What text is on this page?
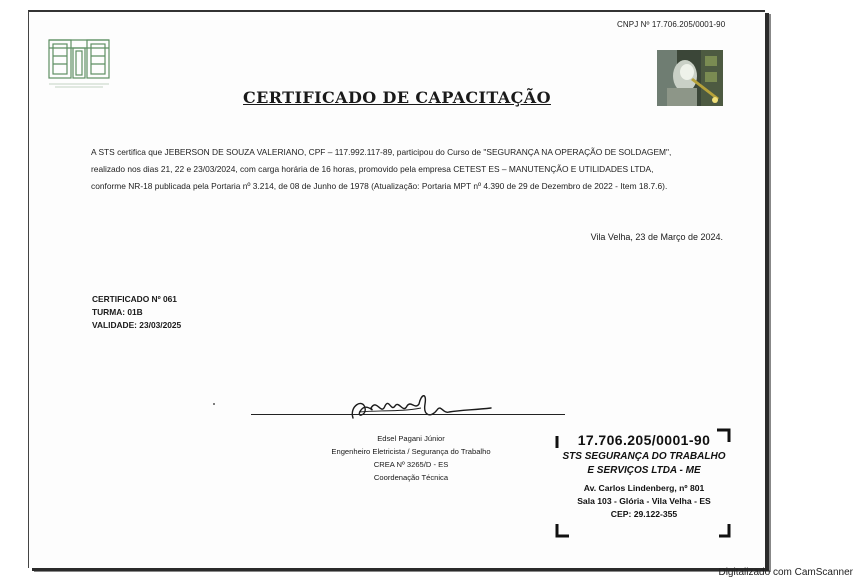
CNPJ Nº 17.706.205/0001-90
CERTIFICADO DE CAPACITAÇÃO
A STS certifica que JEBERSON DE SOUZA VALERIANO, CPF – 117.992.117-89, participou do Curso de "SEGURANÇA NA OPERAÇÃO DE SOLDAGEM",
realizado nos dias 21, 22 e 23/03/2024, com carga horária de 16 horas, promovido pela empresa CETEST ES – MANUTENÇÃO E UTILIDADES LTDA,
conforme NR-18 publicada pela Portaria nº 3.214, de 08 de Junho de 1978 (Atualização: Portaria MPT nº 4.390 de 29 de Dezembro de 2022 - Item 18.7.6).
Vila Velha, 23 de Março de 2024.
CERTIFICADO Nº 061
TURMA: 01B
VALIDADE: 23/03/2025
Edsel Pagani Júnior
Engenheiro Eletricista / Segurança do Trabalho
CREA Nº 3265/D - ES
Coordenação Técnica
17.706.205/0001-90
STS SEGURANÇA DO TRABALHO
E SERVIÇOS LTDA - ME
Av. Carlos Lindenberg, nº 801
Sala 103 - Glória - Vila Velha - ES
CEP: 29.122-355
Digitalizado com CamScanner
